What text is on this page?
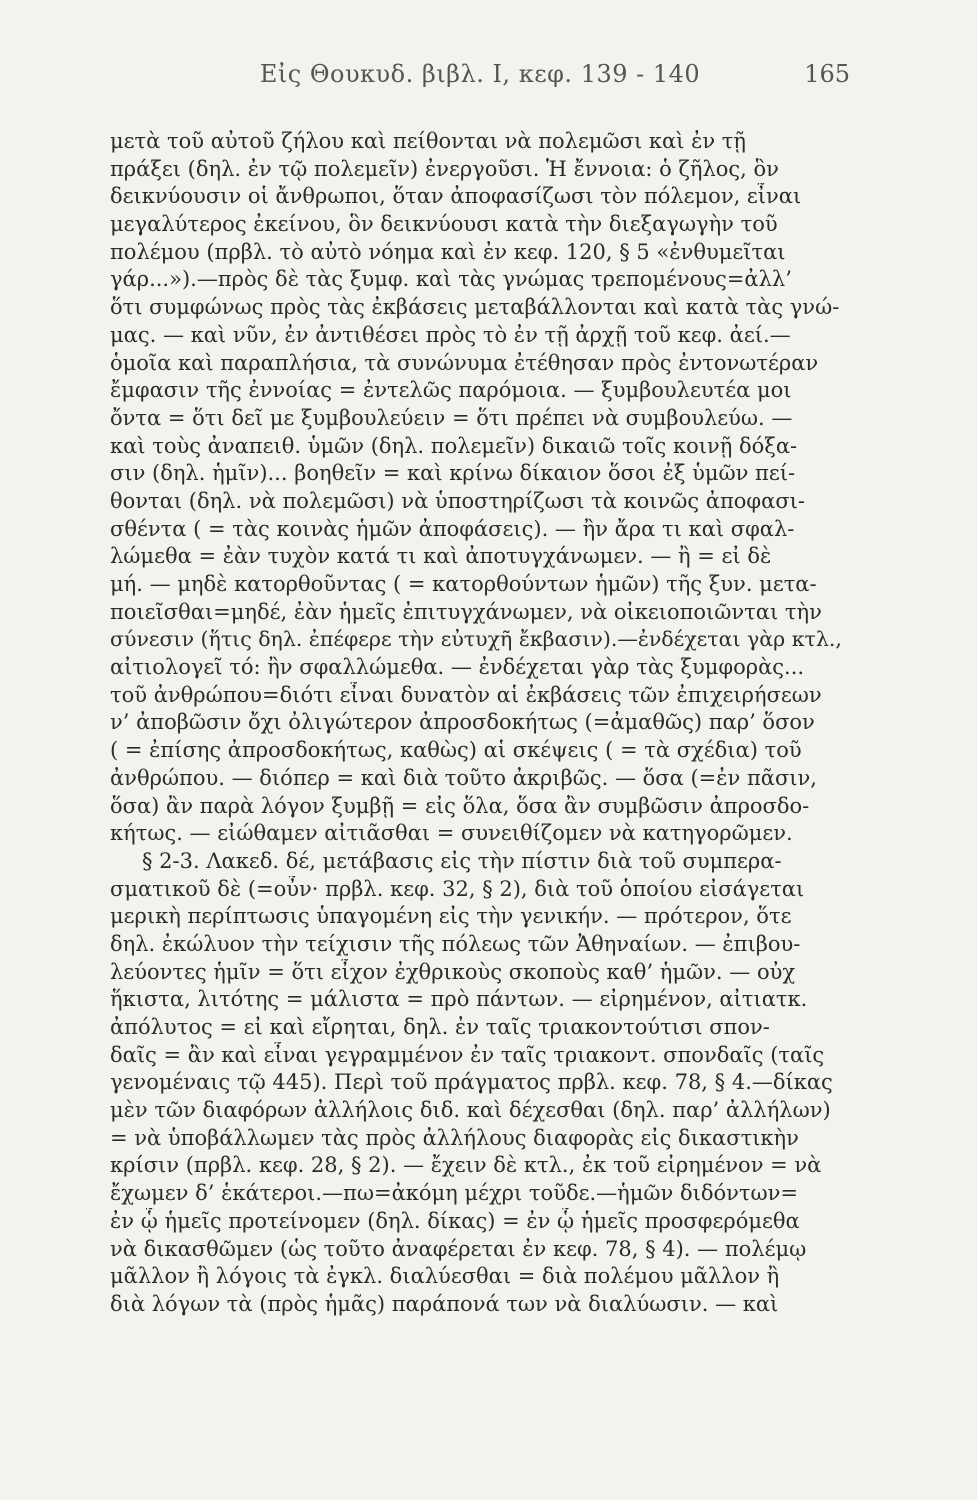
Εἰς Θουκυδ. βιβλ. I, κεφ. 139 - 140	165

μετὰ τοῦ αὐτοῦ ζήλου καὶ πείθονται νὰ πολεμῶσι καὶ ἐν τῇ

πράξει (δηλ. ἐν τῷ πολεμεῖν) ἐνεργοῦσι. Ἡ ἔννοια: ὁ ζῆλος, ὃν

δεικνύουσιν οἱ ἄνθρωποι, ὅταν ἀποφασίζωσι τὸν πόλεμον, εἶναι

μεγαλύτερος ἐκείνου, ὃν δεικνύουσι κατὰ τὴν διεξαγωγὴν τοῦ

πολέμου (πρβλ. τὸ αὐτὸ νόημα καὶ ἐν κεφ. 120, § 5 «ἐνθυμεῖται

γάρ...»).—πρὸς δὲ τὰς ξυμφ. καὶ τὰς γνώμας τρεπομένους=ἀλλ’

ὅτι συμφώνως πρὸς τὰς ἐκβάσεις μεταβάλλονται καὶ κατὰ τὰς γνώ-

μας. — καὶ νῦν, ἐν ἀντιθέσει πρὸς τὸ ἐν τῇ ἀρχῇ τοῦ κεφ. ἀεί.—

ὁμοῖα καὶ παραπλήσια, τὰ συνώνυμα ἐτέθησαν πρὸς ἐντονωτέραν

ἔμφασιν τῆς ἐννοίας = ἐντελῶς παρόμοια. — ξυμβουλευτέα μοι

ὄντα = ὅτι δεῖ με ξυμβουλεύειν = ὅτι πρέπει νὰ συμβουλεύω. —

καὶ τοὺς ἀναπειθ. ὑμῶν (δηλ. πολεμεῖν) δικαιῶ τοῖς κοινῇ δόξα-

σιν (δηλ. ἡμῖν)... βοηθεῖν = καὶ κρίνω δίκαιον ὅσοι ἐξ ὑμῶν πεί-

θονται (δηλ. νὰ πολεμῶσι) νὰ ὑποστηρίζωσι τὰ κοινῶς ἀποφασι-

σθέντα ( = τὰς κοινὰς ἡμῶν ἀποφάσεις). — ἢν ἄρα τι καὶ σφαλ-

λώμεθα = ἐὰν τυχὸν κατά τι καὶ ἀποτυγχάνωμεν. — ἢ = εἰ δὲ

μή. — μηδὲ κατορθοῦντας ( = κατορθούντων ἡμῶν) τῆς ξυν. μετα-

ποιεῖσθαι=μηδέ, ἐὰν ἡμεῖς ἐπιτυγχάνωμεν, νὰ οἰκειοποιῶνται τὴν

σύνεσιν (ἥτις δηλ. ἐπέφερε τὴν εὐτυχῆ ἔκβασιν).—ἐνδέχεται γὰρ κτλ.,

αἰτιολογεῖ τό: ἢν σφαλλώμεθα. — ἐνδέχεται γὰρ τὰς ξυμφορὰς...

τοῦ ἀνθρώπου=διότι εἶναι δυνατὸν αἱ ἐκβάσεις τῶν ἐπιχειρήσεων

ν’ ἀποβῶσιν ὄχι ὀλιγώτερον ἀπροσδοκήτως (=ἀμαθῶς) παρ’ ὅσον

( = ἐπίσης ἀπροσδοκήτως, καθὼς) αἱ σκέψεις ( = τὰ σχέδια) τοῦ

ἀνθρώπου. — διόπερ = καὶ διὰ τοῦτο ἀκριβῶς. — ὅσα (=ἐν πᾶσιν,

ὅσα) ἂν παρὰ λόγον ξυμβῇ = εἰς ὅλα, ὅσα ἂν συμβῶσιν ἀπροσδο-

κήτως. — εἰώθαμεν αἰτιᾶσθαι = συνειθίζομεν νὰ κατηγορῶμεν.

§ 2-3. Λακεδ. δέ, μετάβασις εἰς τὴν πίστιν διὰ τοῦ συμπερα-

σματικοῦ δὲ (=οὖν· πρβλ. κεφ. 32, § 2), διὰ τοῦ ὁποίου εἰσάγεται

μερικὴ περίπτωσις ὑπαγομένη εἰς τὴν γενικήν. — πρότερον, ὅτε

δηλ. ἐκώλυον τὴν τείχισιν τῆς πόλεως τῶν Ἀθηναίων. — ἐπιβου-

λεύοντες ἡμῖν = ὅτι εἶχον ἐχθρικοὺς σκοποὺς καθ’ ἡμῶν. — οὐχ

ἥκιστα, λιτότης = μάλιστα = πρὸ πάντων. — εἰρημένον, αἰτιατκ.

ἀπόλυτος = εἰ καὶ εἴρηται, δηλ. ἐν ταῖς τριακοντούτισι σπον-

δαῖς = ἂν καὶ εἶναι γεγραμμένον ἐν ταῖς τριακοντ. σπονδαῖς (ταῖς

γενομέναις τῷ 445). Περὶ τοῦ πράγματος πρβλ. κεφ. 78, § 4.—δίκας

μὲν τῶν διαφόρων ἀλλήλοις διδ. καὶ δέχεσθαι (δηλ. παρ’ ἀλλήλων)

= νὰ ὑποβάλλωμεν τὰς πρὸς ἀλλήλους διαφορὰς εἰς δικαστικὴν

κρίσιν (πρβλ. κεφ. 28, § 2). — ἔχειν δὲ κτλ., ἐκ τοῦ εἰρημένον = νὰ

ἔχωμεν δ’ ἑκάτεροι.—πω=ἀκόμη μέχρι τοῦδε.—ἡμῶν διδόντων=

ἐν ᾧ ἡμεῖς προτείνομεν (δηλ. δίκας) = ἐν ᾧ ἡμεῖς προσφερόμεθα

νὰ δικασθῶμεν (ὡς τοῦτο ἀναφέρεται ἐν κεφ. 78, § 4). — πολέμῳ

μᾶλλον ἢ λόγοις τὰ ἐγκλ. διαλύεσθαι = διὰ πολέμου μᾶλλον ἢ

διὰ λόγων τὰ (πρὸς ἡμᾶς) παράπονά των νὰ διαλύωσιν. — καὶ
